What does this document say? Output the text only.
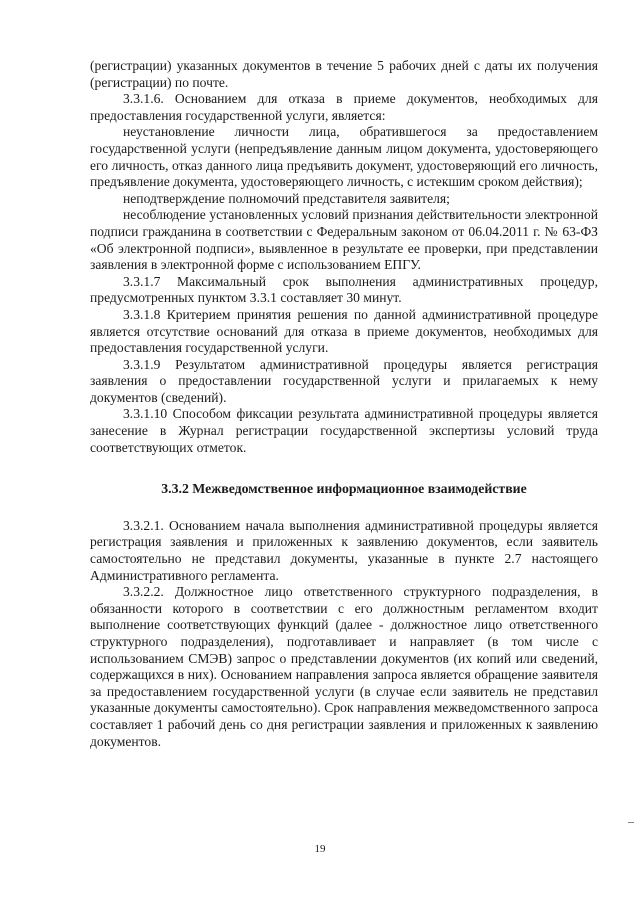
(регистрации) указанных документов в течение 5 рабочих дней с даты их получения (регистрации) по почте.

3.3.1.6. Основанием для отказа в приеме документов, необходимых для предоставления государственной услуги, является:

неустановление личности лица, обратившегося за предоставлением государственной услуги (непредъявление данным лицом документа, удостоверяющего его личность, отказ данного лица предъявить документ, удостоверяющий его личность, предъявление документа, удостоверяющего личность, с истекшим сроком действия);

неподтверждение полномочий представителя заявителя;

несоблюдение установленных условий признания действительности электронной подписи гражданина в соответствии с Федеральным законом от 06.04.2011 г. № 63-ФЗ «Об электронной подписи», выявленное в результате ее проверки, при представлении заявления в электронной форме с использованием ЕПГУ.

3.3.1.7 Максимальный срок выполнения административных процедур, предусмотренных пунктом 3.3.1 составляет 30 минут.

3.3.1.8 Критерием принятия решения по данной административной процедуре является отсутствие оснований для отказа в приеме документов, необходимых для предоставления государственной услуги.

3.3.1.9 Результатом административной процедуры является регистрация заявления о предоставлении государственной услуги и прилагаемых к нему документов (сведений).

3.3.1.10 Способом фиксации результата административной процедуры является занесение в Журнал регистрации государственной экспертизы условий труда соответствующих отметок.

3.3.2 Межведомственное информационное взаимодействие

3.3.2.1. Основанием начала выполнения административной процедуры является регистрация заявления и приложенных к заявлению документов, если заявитель самостоятельно не представил документы, указанные в пункте 2.7 настоящего Административного регламента.

3.3.2.2. Должностное лицо ответственного структурного подразделения, в обязанности которого в соответствии с его должностным регламентом входит выполнение соответствующих функций (далее - должностное лицо ответственного структурного подразделения), подготавливает и направляет (в том числе с использованием СМЭВ) запрос о представлении документов (их копий или сведений, содержащихся в них). Основанием направления запроса является обращение заявителя за предоставлением государственной услуги (в случае если заявитель не представил указанные документы самостоятельно). Срок направления межведомственного запроса составляет 1 рабочий день со дня регистрации заявления и приложенных к заявлению документов.

19
